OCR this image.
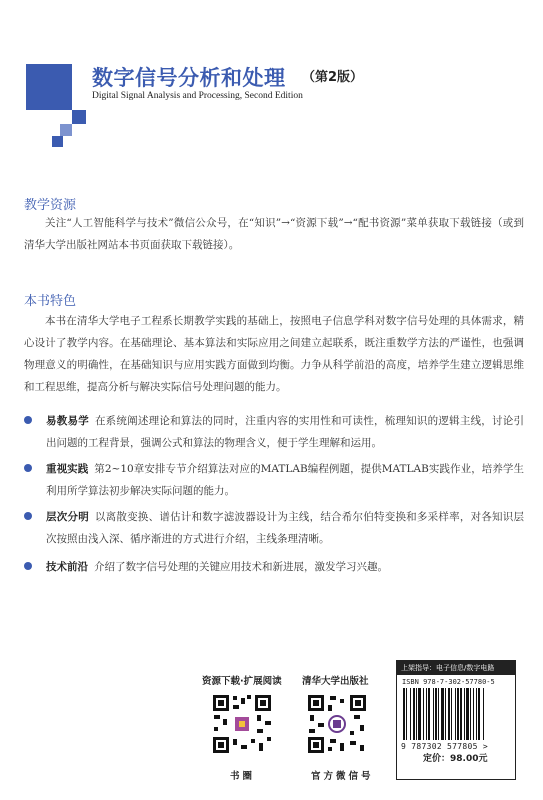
数字信号分析和处理 （第2版）
Digital Signal Analysis and Processing, Second Edition
教学资源

关注“人工智能科学与技术”微信公众号，在“知识”→“资源下载”→“配书资源”菜单获取下载链接（或到清华大学出版社网站本书页面获取下载链接）。

本书特色

本书在清华大学电子工程系长期教学实践的基础上，按照电子信息学科对数字信号处理的具体需求，精心设计了教学内容。在基础理论、基本算法和实际应用之间建立起联系，既注重数学方法的严谨性，也强调物理意义的明确性，在基础知识与应用实践方面做到均衡。力争从科学前沿的高度，培养学生建立逻辑思维和工程思维，提高分析与解决实际信号处理问题的能力。

易教易学 在系统阐述理论和算法的同时，注重内容的实用性和可读性，梳理知识的逻辑主线，讨论引出问题的工程背景，强调公式和算法的物理含义，便于学生理解和运用。

重视实践 第2~10章安排专节介绍算法对应的MATLAB编程例题，提供MATLAB实践作业，培养学生利用所学算法初步解决实际问题的能力。

层次分明 以离散变换、谱估计和数字滤波器设计为主线，结合希尔伯特变换和多采样率，对各知识层次按照由浅入深、循序渐进的方式进行介绍，主线条理清晰。

技术前沿 介绍了数字信号处理的关键应用技术和新进展，激发学习兴趣。

资源下载·扩展阅读
书圈
清华大学出版社
官方微信号
上架指导：电子信息/数字电路
ISBN 978-7-302-57780-5
9 787302 577805 >
定价：98.00元
